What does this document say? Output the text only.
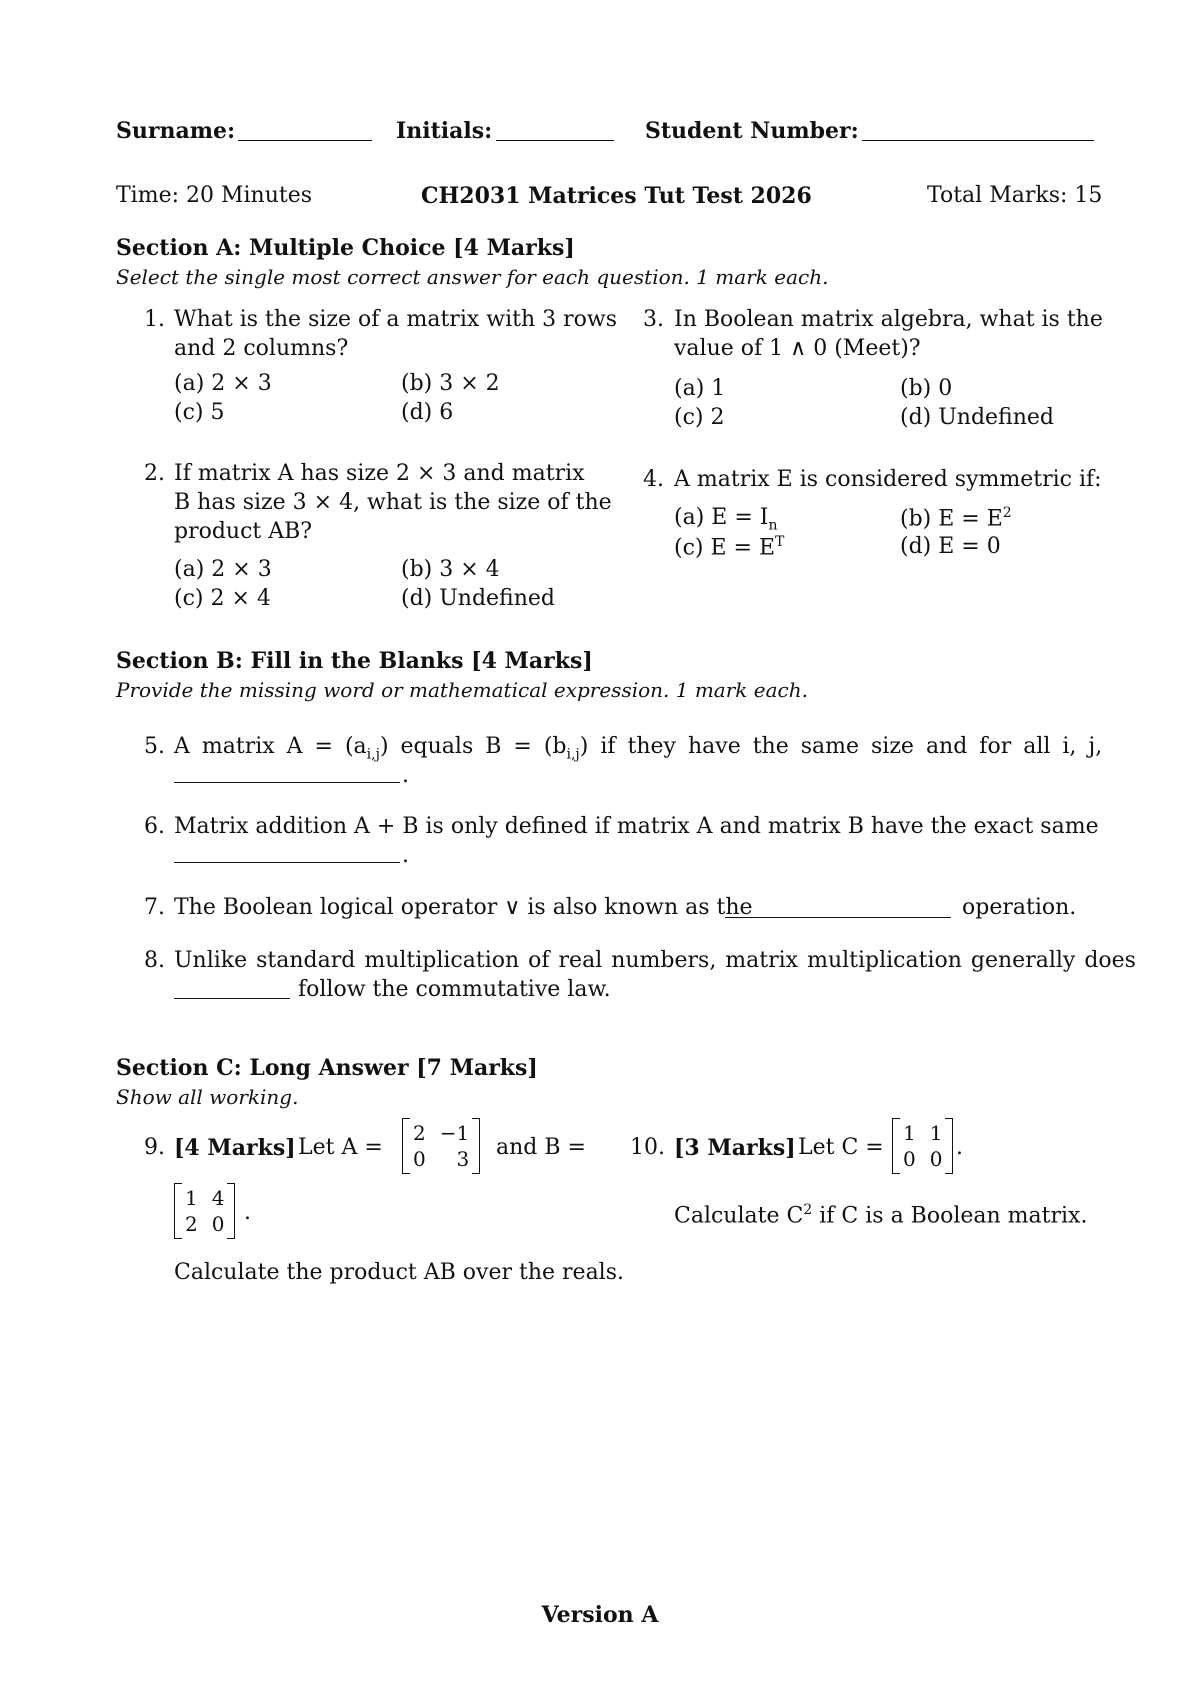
Surname:	Initials:	Student Number:
Time: 20 Minutes	CH2031 Matrices Tut Test 2026	Total Marks: 15
Section A: Multiple Choice [4 Marks]
Select the single most correct answer for each question. 1 mark each.
1. What is the size of a matrix with 3 rows
and 2 columns?
(a) 2 × 3	(b) 3 × 2
(c) 5	(d) 6
2. If matrix A has size 2 × 3 and matrix
B has size 3 × 4, what is the size of the
product AB?
(a) 2 × 3	(b) 3 × 4
(c) 2 × 4	(d) Undefined
3. In Boolean matrix algebra, what is the
value of 1 ∧ 0 (Meet)?
(a) 1	(b) 0
(c) 2	(d) Undefined
4. A matrix E is considered symmetric if:
(a) $E = I_n$	(b) $E = E^2$
(c) $E = E^T$	(d) E = 0
Section B: Fill in the Blanks [4 Marks]
Provide the missing word or mathematical expression. 1 mark each.
5. A matrix $A = (a_{i,j})$ equals $B = (b_{i,j})$ if they have the same size and for all i, j,
.
6. Matrix addition A + B is only defined if matrix A and matrix B have the exact same
.
7. The Boolean logical operator ∨ is also known as the	operation.
8. Unlike standard multiplication of real numbers, matrix multiplication generally does
follow the commutative law.
Section C: Long Answer [7 Marks]
Show all working.
9. [4 Marks] Let A =
2 −1
0	3 and B =
1 4
2 0 .
Calculate the product AB over the reals.
10. [3 Marks] Let C =
1 1
0 0 .
Calculate $C^2$ if C is a Boolean matrix.
Version A
